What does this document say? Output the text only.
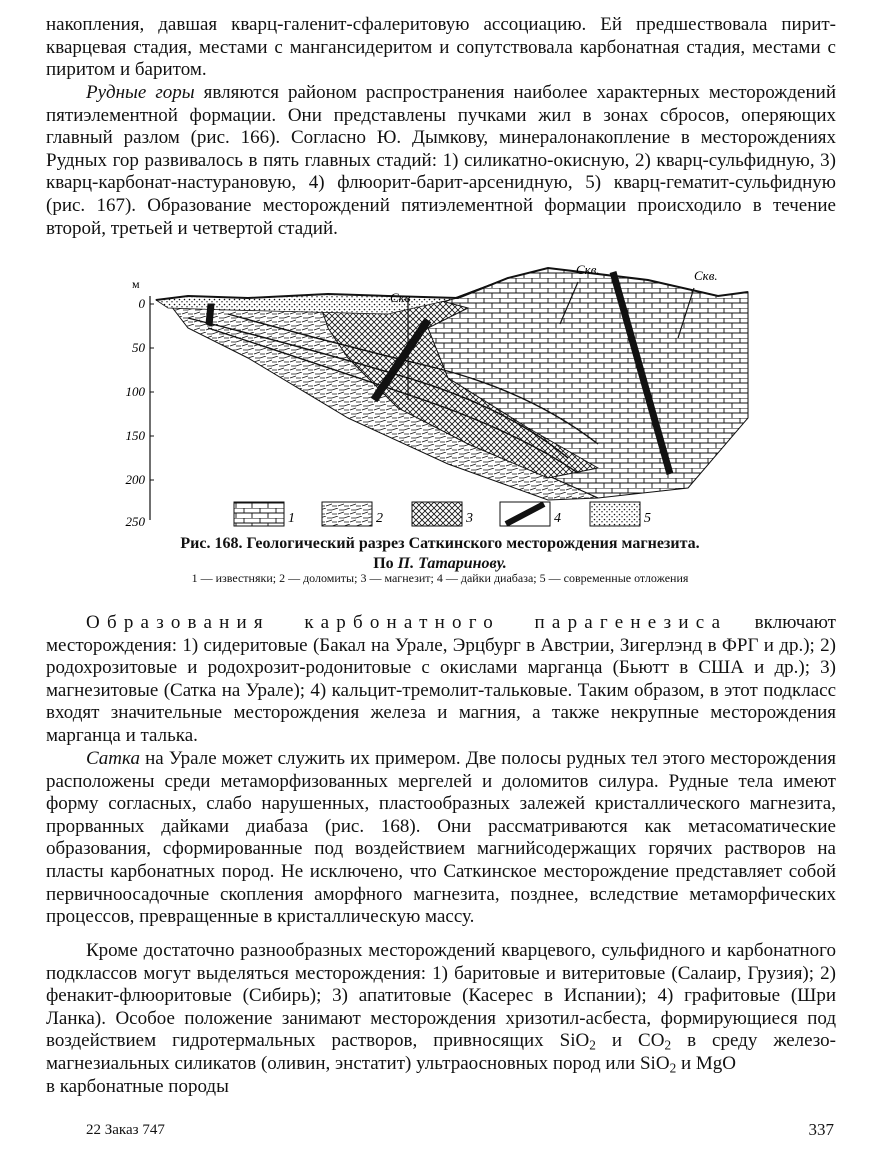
накопления, давшая кварц-галенит-сфалеритовую ассоциацию. Ей предшествовала пирит-кварцевая стадия, местами с мангансидеритом и сопутствовала карбонатная стадия, местами с пиритом и баритом.

Рудные горы являются районом распространения наиболее характерных месторождений пятиэлементной формации. Они представлены пучками жил в зонах сбросов, оперяющих главный разлом (рис. 166). Согласно Ю. Дымкову, минералонакопление в месторождениях Рудных гор развивалось в пять главных стадий: 1) силикатно-окисную, 2) кварц-сульфидную, 3) кварц-карбонат-настурановую, 4) флюорит-барит-арсенидную, 5) кварц-гематит-сульфидную (рис. 167). Образование месторождений пятиэлементной формации происходило в течение второй, третьей и четвертой стадий.

м
0
50
100
150
200
250
Скв
Скв.	Скв.
1	2	3	4	5
Рис. 168. Геологический разрез Саткинского месторождения магнезита.
По П. Татаринову.
1 — известняки; 2 — доломиты; 3 — магнезит; 4 — дайки диабаза; 5 — современные отложения

Образования карбонатного парагенезиса включают месторождения: 1) сидеритовые (Бакал на Урале, Эрцбург в Австрии, Зигерлэнд в ФРГ и др.); 2) родохрозитовые и родохрозит-родонитовые с окислами марганца (Бьютт в США и др.); 3) магнезитовые (Сатка на Урале); 4) кальцит-тремолит-тальковые. Таким образом, в этот подкласс входят значительные месторождения железа и магния, а также некрупные месторождения марганца и талька.

Сатка на Урале может служить их примером. Две полосы рудных тел этого месторождения расположены среди метаморфизованных мергелей и доломитов силура. Рудные тела имеют форму согласных, слабо нарушенных, пластообразных залежей кристаллического магнезита, прорванных дайками диабаза (рис. 168). Они рассматриваются как метасоматические образования, сформированные под воздействием магнийсодержащих горячих растворов на пласты карбонатных пород. Не исключено, что Саткинское месторождение представляет собой первичноосадочные скопления аморфного магнезита, позднее, вследствие метаморфических процессов, превращенные в кристаллическую массу.

Кроме достаточно разнообразных месторождений кварцевого, сульфидного и карбонатного подклассов могут выделяться месторождения: 1) баритовые и витеритовые (Салаир, Грузия); 2) фенакит-флюоритовые (Сибирь); 3) апатитовые (Касерес в Испании); 4) графитовые (Шри Ланка). Особое положение занимают месторождения хризотил-асбеста, формирующиеся под воздействием гидротермальных растворов, привносящих SiO$_2$ и $CO_2$ в среду железо-магнезиальных силикатов (оливин, энстатит) ультраосновных пород или SiO$_2$ и MgO
в карбонатные породы

22 Заказ 747	337
